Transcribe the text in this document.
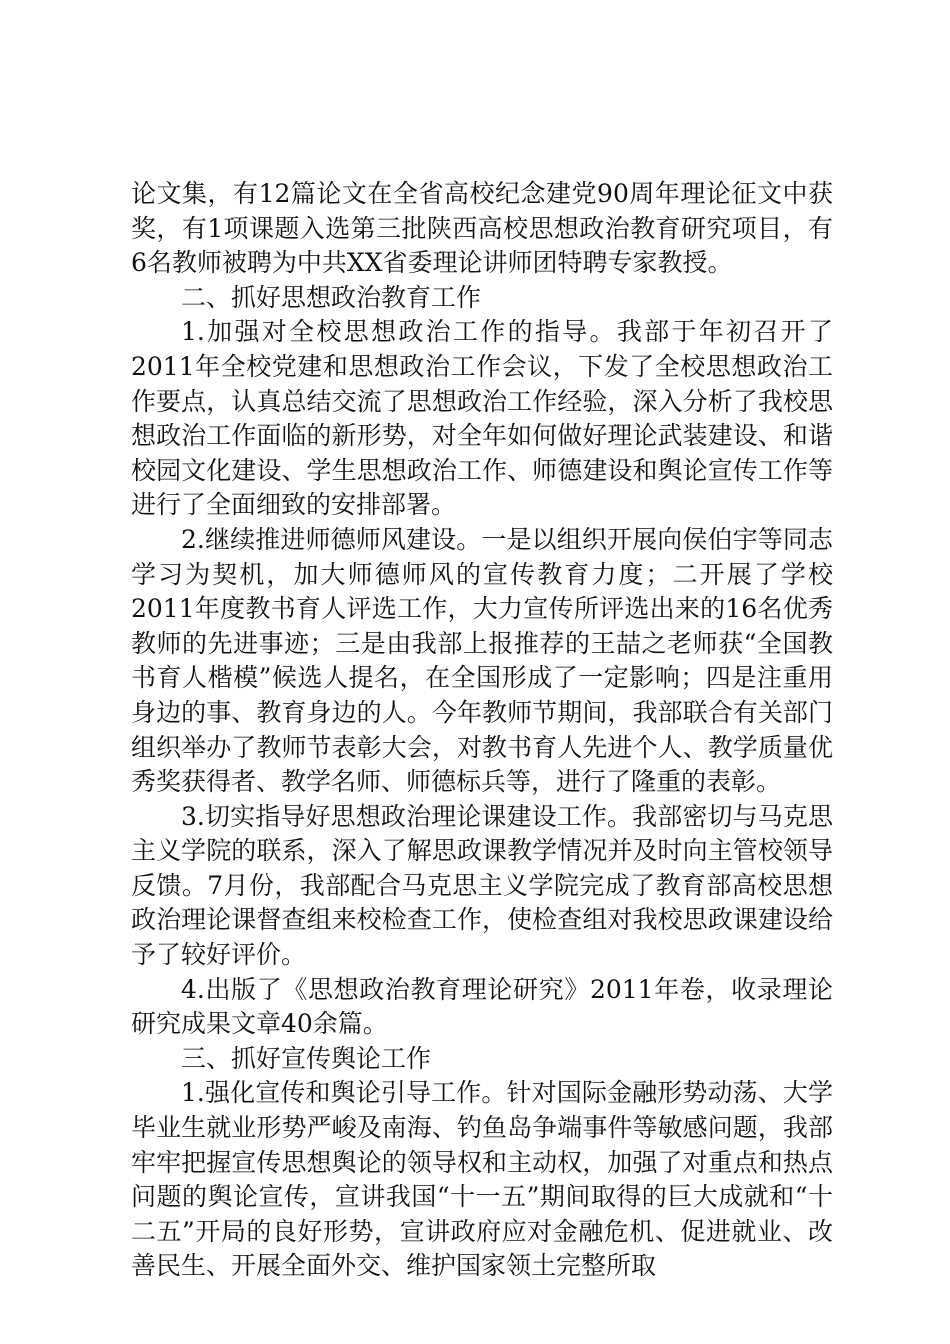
论文集，有12篇论文在全省高校纪念建党90周年理论征文中获奖，有1项课题入选第三批陕西高校思想政治教育研究项目，有6名教师被聘为中共XX省委理论讲师团特聘专家教授。

二、抓好思想政治教育工作

1.加强对全校思想政治工作的指导。我部于年初召开了2011年全校党建和思想政治工作会议，下发了全校思想政治工作要点，认真总结交流了思想政治工作经验，深入分析了我校思想政治工作面临的新形势，对全年如何做好理论武装建设、和谐校园文化建设、学生思想政治工作、师德建设和舆论宣传工作等进行了全面细致的安排部署。

2.继续推进师德师风建设。一是以组织开展向侯伯宇等同志学习为契机，加大师德师风的宣传教育力度；二开展了学校2011年度教书育人评选工作，大力宣传所评选出来的16名优秀教师的先进事迹；三是由我部上报推荐的王喆之老师获“全国教书育人楷模”候选人提名，在全国形成了一定影响；四是注重用身边的事、教育身边的人。今年教师节期间，我部联合有关部门组织举办了教师节表彰大会，对教书育人先进个人、教学质量优秀奖获得者、教学名师、师德标兵等，进行了隆重的表彰。

3.切实指导好思想政治理论课建设工作。我部密切与马克思主义学院的联系，深入了解思政课教学情况并及时向主管校领导反馈。7月份，我部配合马克思主义学院完成了教育部高校思想政治理论课督查组来校检查工作，使检查组对我校思政课建设给予了较好评价。

4.出版了《思想政治教育理论研究》2011年卷，收录理论研究成果文章40余篇。

三、抓好宣传舆论工作

1.强化宣传和舆论引导工作。针对国际金融形势动荡、大学毕业生就业形势严峻及南海、钓鱼岛争端事件等敏感问题，我部牢牢把握宣传思想舆论的领导权和主动权，加强了对重点和热点问题的舆论宣传，宣讲我国“十一五”期间取得的巨大成就和“十二五”开局的良好形势，宣讲政府应对金融危机、促进就业、改善民生、开展全面外交、维护国家领土完整所取
